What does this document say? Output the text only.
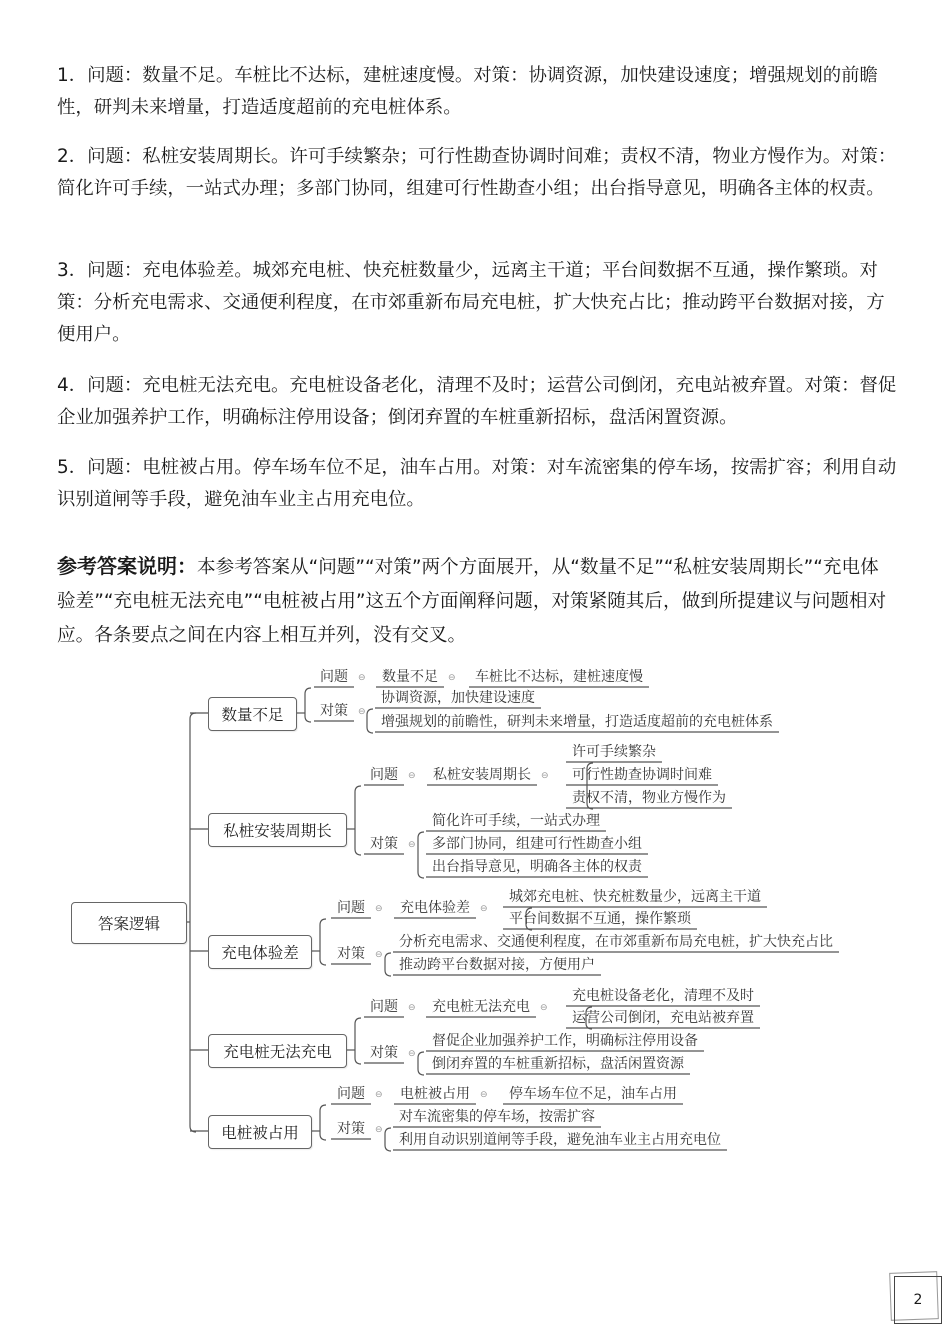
1．问题：数量不足。车桩比不达标，建桩速度慢。对策：协调资源，加快建设速度；增强规划的前瞻性，研判未来增量，打造适度超前的充电桩体系。

2．问题：私桩安装周期长。许可手续繁杂；可行性勘查协调时间难；责权不清，物业方慢作为。对策：简化许可手续，一站式办理；多部门协同，组建可行性勘查小组；出台指导意见，明确各主体的权责。

3．问题：充电体验差。城郊充电桩、快充桩数量少，远离主干道；平台间数据不互通，操作繁琐。对策：分析充电需求、交通便利程度，在市郊重新布局充电桩，扩大快充占比；推动跨平台数据对接，方便用户。

4．问题：充电桩无法充电。充电桩设备老化，清理不及时；运营公司倒闭，充电站被弃置。对策：督促企业加强养护工作，明确标注停用设备；倒闭弃置的车桩重新招标，盘活闲置资源。

5．问题：电桩被占用。停车场车位不足，油车占用。对策：对车流密集的停车场，按需扩容；利用自动识别道闸等手段，避免油车业主占用充电位。

参考答案说明：本参考答案从“问题”“对策”两个方面展开，从“数量不足”“私桩安装周期长”“充电体验差”“充电桩无法充电”“电桩被占用”这五个方面阐释问题，对策紧随其后，做到所提建议与问题相对应。各条要点之间在内容上相互并列，没有交叉。

答案逻辑
数量不足
问题 ⊖ 数量不足 ⊖ 车桩比不达标，建桩速度慢
对策 ⊖
协调资源，加快建设速度
增强规划的前瞻性，研判未来增量，打造适度超前的充电桩体系
私桩安装周期长
问题 ⊖ 私桩安装周期长 ⊖
许可手续繁杂
可行性勘查协调时间难
责权不清，物业方慢作为
对策 ⊖
简化许可手续，一站式办理
多部门协同，组建可行性勘查小组
出台指导意见，明确各主体的权责
充电体验差
问题 ⊖ 充电体验差 ⊖
城郊充电桩、快充桩数量少，远离主干道
平台间数据不互通，操作繁琐
对策 ⊖
分析充电需求、交通便利程度，在市郊重新布局充电桩，扩大快充占比
推动跨平台数据对接，方便用户
充电桩无法充电
问题 ⊖ 充电桩无法充电 ⊖
充电桩设备老化，清理不及时
运营公司倒闭，充电站被弃置
对策 ⊖
督促企业加强养护工作，明确标注停用设备
倒闭弃置的车桩重新招标，盘活闲置资源
电桩被占用
问题 ⊖ 电桩被占用 ⊖ 停车场车位不足，油车占用
对策 ⊖
对车流密集的停车场，按需扩容
利用自动识别道闸等手段，避免油车业主占用充电位
2
